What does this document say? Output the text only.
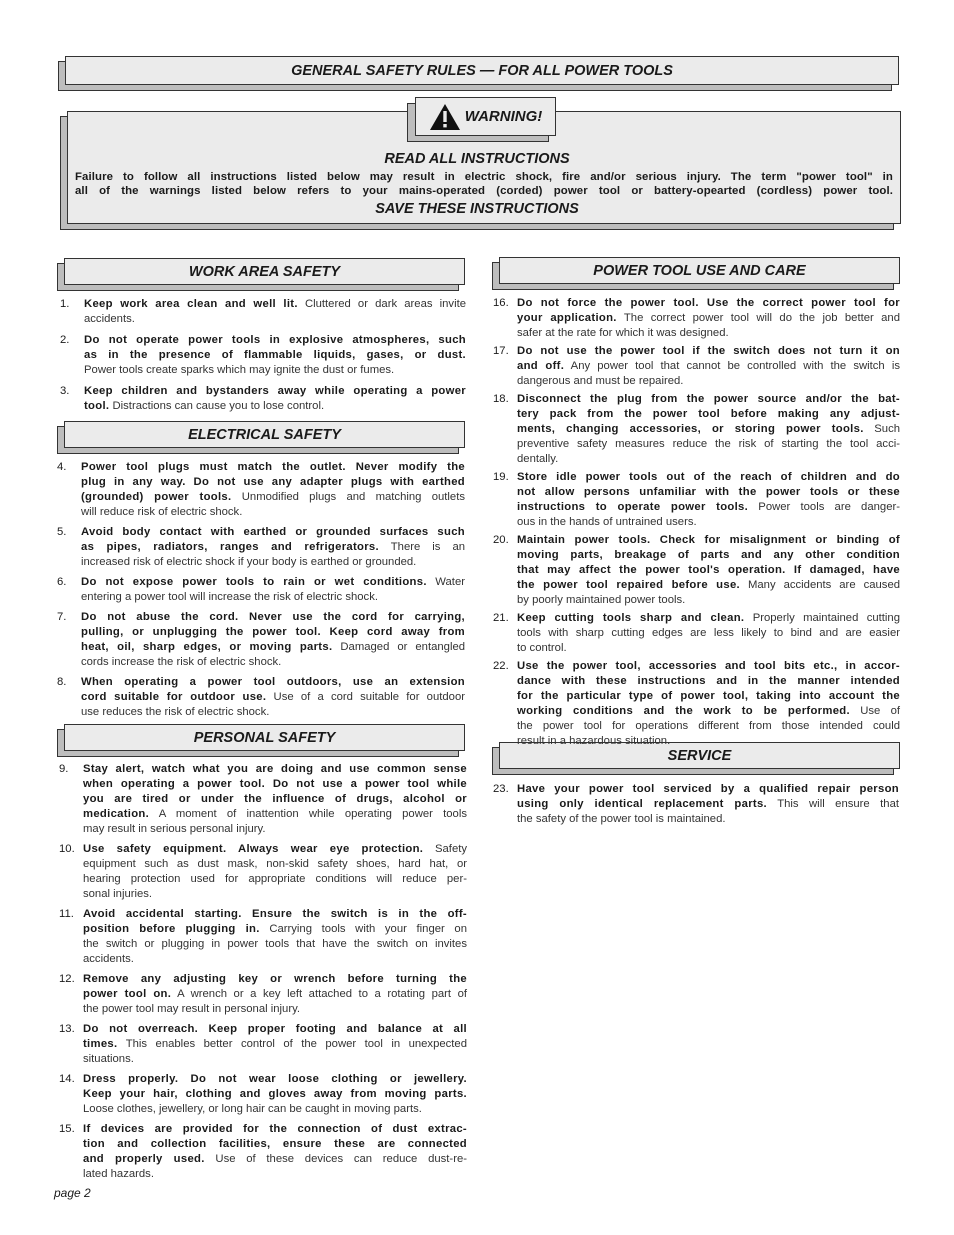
GENERAL SAFETY RULES — FOR ALL POWER TOOLS
WARNING!
READ ALL INSTRUCTIONS
Failure to follow all instructions listed below may result in electric shock, fire and/or serious injury. The term "power tool" in
all of the warnings listed below refers to your mains-operated (corded) power tool or battery-opearted (cordless) power tool.
SAVE THESE INSTRUCTIONS
WORK AREA SAFETY
ELECTRICAL SAFETY
PERSONAL SAFETY
POWER TOOL USE AND CARE
SERVICE
1. Keep work area clean and well lit. Cluttered or dark areas invite
accidents.
2. Do not operate power tools in explosive atmospheres, such
as in the presence of flammable liquids, gases, or dust.
Power tools create sparks which may ignite the dust or fumes.
3. Keep children and bystanders away while operating a power
tool. Distractions can cause you to lose control.
4. Power tool plugs must match the outlet. Never modify the
plug in any way. Do not use any adapter plugs with earthed
(grounded) power tools. Unmodified plugs and matching outlets
will reduce risk of electric shock.
5. Avoid body contact with earthed or grounded surfaces such
as pipes, radiators, ranges and refrigerators. There is an
increased risk of electric shock if your body is earthed or grounded.
6. Do not expose power tools to rain or wet conditions. Water
entering a power tool will increase the risk of electric shock.
7. Do not abuse the cord. Never use the cord for carrying,
pulling, or unplugging the power tool. Keep cord away from
heat, oil, sharp edges, or moving parts. Damaged or entangled
cords increase the risk of electric shock.
8. When operating a power tool outdoors, use an extension
cord suitable for outdoor use. Use of a cord suitable for outdoor
use reduces the risk of electric shock.
9. Stay alert, watch what you are doing and use common sense
when operating a power tool. Do not use a power tool while
you are tired or under the influence of drugs, alcohol or
medication. A moment of inattention while operating power tools
may result in serious personal injury.
10. Use safety equipment. Always wear eye protection. Safety
equipment such as dust mask, non-skid safety shoes, hard hat, or
hearing protection used for appropriate conditions will reduce per-
sonal injuries.
11. Avoid accidental starting. Ensure the switch is in the off-
position before plugging in. Carrying tools with your finger on
the switch or plugging in power tools that have the switch on invites
accidents.
12. Remove any adjusting key or wrench before turning the
power tool on. A wrench or a key left attached to a rotating part of
the power tool may result in personal injury.
13. Do not overreach. Keep proper footing and balance at all
times. This enables better control of the power tool in unexpected
situations.
14. Dress properly. Do not wear loose clothing or jewellery.
Keep your hair, clothing and gloves away from moving parts.
Loose clothes, jewellery, or long hair can be caught in moving parts.
15. If devices are provided for the connection of dust extrac-
tion and collection facilities, ensure these are connected
and properly used. Use of these devices can reduce dust-re-
lated hazards.
16. Do not force the power tool. Use the correct power tool for
your application. The correct power tool will do the job better and
safer at the rate for which it was designed.
17. Do not use the power tool if the switch does not turn it on
and off. Any power tool that cannot be controlled with the switch is
dangerous and must be repaired.
18. Disconnect the plug from the power source and/or the bat-
tery pack from the power tool before making any adjust-
ments, changing accessories, or storing power tools. Such
preventive safety measures reduce the risk of starting the tool acci-
dentally.
19. Store idle power tools out of the reach of children and do
not allow persons unfamiliar with the power tools or these
instructions to operate power tools. Power tools are danger-
ous in the hands of untrained users.
20. Maintain power tools. Check for misalignment or binding of
moving parts, breakage of parts and any other condition
that may affect the power tool's operation. If damaged, have
the power tool repaired before use. Many accidents are caused
by poorly maintained power tools.
21. Keep cutting tools sharp and clean. Properly maintained cutting
tools with sharp cutting edges are less likely to bind and are easier
to control.
22. Use the power tool, accessories and tool bits etc., in accor-
dance with these instructions and in the manner intended
for the particular type of power tool, taking into account the
working conditions and the work to be performed. Use of
the power tool for operations different from those intended could
result in a hazardous situation.
23. Have your power tool serviced by a qualified repair person
using only identical replacement parts. This will ensure that
the safety of the power tool is maintained.
page 2
